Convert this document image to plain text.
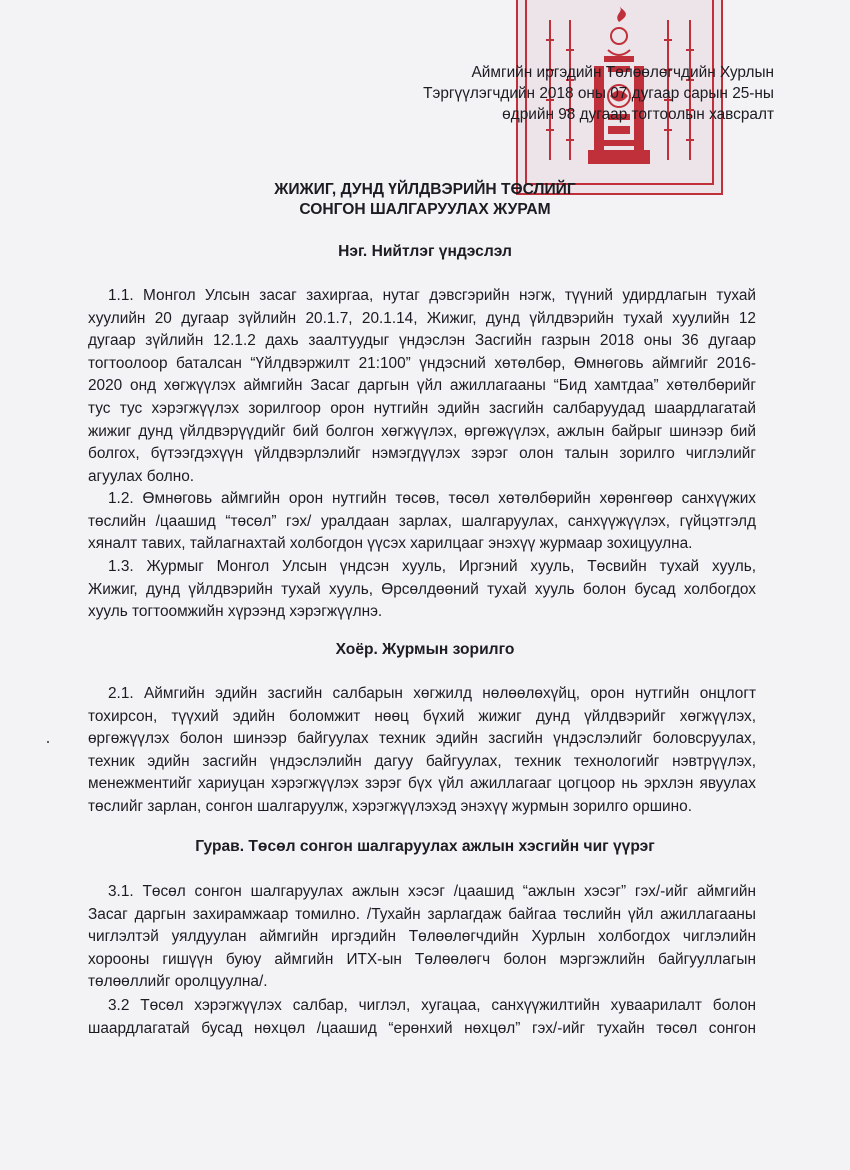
Аймгийн иргэдийн Төлөөлөгчдийн Хурлын
Тэргүүлэгчдийн 2018 оны 07 дугаар сарын 25-ны
өдрийн 98 дугаар тогтоолын хавсралт
ЖИЖИГ, ДУНД ҮЙЛДВЭРИЙН ТӨСЛИЙГ
СОНГОН ШАЛГАРУУЛАХ ЖУРАМ
Нэг. Нийтлэг үндэслэл
1.1. Монгол Улсын засаг захиргаа, нутаг дэвсгэрийн нэгж, түүний удирдлагын тухай
хуулийн 20 дугаар зүйлийн 20.1.7, 20.1.14, Жижиг, дунд үйлдвэрийн тухай хуулийн 12
дугаар зүйлийн 12.1.2 дахь заалтуудыг үндэслэн Засгийн газрын 2018 оны 36 дугаар
тогтоолоор баталсан “Үйлдвэржилт 21:100” үндэсний хөтөлбөр, Өмнөговь аймгийг 2016-
2020 онд хөгжүүлэх аймгийн Засаг даргын үйл ажиллагааны “Бид хамтдаа” хөтөлбөрийг
тус тус хэрэгжүүлэх зорилгоор орон нутгийн эдийн засгийн салбаруудад шаардлагатай
жижиг дунд үйлдвэрүүдийг бий болгон хөгжүүлэх, өргөжүүлэх, ажлын байрыг шинээр бий
болгох, бүтээгдэхүүн үйлдвэрлэлийг нэмэгдүүлэх зэрэг олон талын зорилго чиглэлийг
агуулах болно.
1.2. Өмнөговь аймгийн орон нутгийн төсөв, төсөл хөтөлбөрийн хөрөнгөөр санхүүжих
төслийн /цаашид “төсөл” гэх/ уралдаан зарлах, шалгаруулах, санхүүжүүлэх, гүйцэтгэлд
хяналт тавих, тайлагнахтай холбогдон үүсэх харилцааг энэхүү журмаар зохицуулна.
1.3. Журмыг Монгол Улсын үндсэн хууль, Иргэний хууль, Төсвийн тухай хууль,
Жижиг, дунд үйлдвэрийн тухай хууль, Өрсөлдөөний тухай хууль болон бусад холбогдох
хууль тогтоомжийн хүрээнд хэрэгжүүлнэ.
Хоёр. Журмын зорилго
2.1. Аймгийн эдийн засгийн салбарын хөгжилд нөлөөлөхүйц, орон нутгийн онцлогт
тохирсон, түүхий эдийн боломжит нөөц бүхий жижиг дунд үйлдвэрийг хөгжүүлэх,
өргөжүүлэх болон шинээр байгуулах техник эдийн засгийн үндэслэлийг боловсруулах,
техник эдийн засгийн үндэслэлийн дагуу байгуулах, техник технологийг нэвтрүүлэх,
менежментийг хариуцан хэрэгжүүлэх зэрэг бүх үйл ажиллагааг цогцоор нь эрхлэн явуулах
төслийг зарлан, сонгон шалгаруулж, хэрэгжүүлэхэд энэхүү журмын зорилго оршино.
Гурав. Төсөл сонгон шалгаруулах ажлын хэсгийн чиг үүрэг
3.1. Төсөл сонгон шалгаруулах ажлын хэсэг /цаашид “ажлын хэсэг” гэх/-ийг аймгийн
Засаг даргын захирамжаар томилно. /Тухайн зарлагдаж байгаа төслийн үйл ажиллагааны
чиглэлтэй уялдуулан аймгийн иргэдийн Төлөөлөгчдийн Хурлын холбогдох чиглэлийн
хорооны гишүүн буюу аймгийн ИТХ-ын Төлөөлөгч болон мэргэжлийн байгууллагын
төлөөллийг оролцуулна/.
3.2 Төсөл хэрэгжүүлэх салбар, чиглэл, хугацаа, санхүүжилтийн хуваарилалт болон
шаардлагатай бусад нөхцөл /цаашид “ерөнхий нөхцөл” гэх/-ийг тухайн төсөл сонгон
